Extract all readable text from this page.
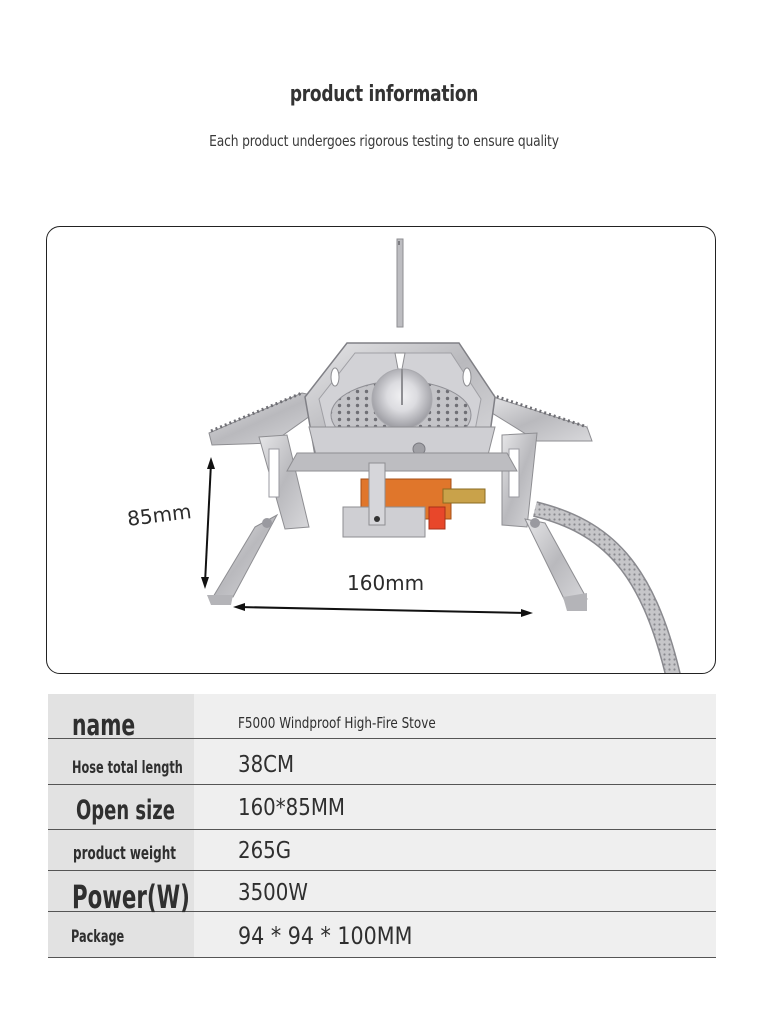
product information
Each product undergoes rigorous testing to ensure quality
85mm
160mm
name	F5000 Windproof High-Fire Stove
Hose total length 38CM
Open size	160*85MM
product weight	265G
Power(W) 3500W
Package	94 * 94 * 100MM
